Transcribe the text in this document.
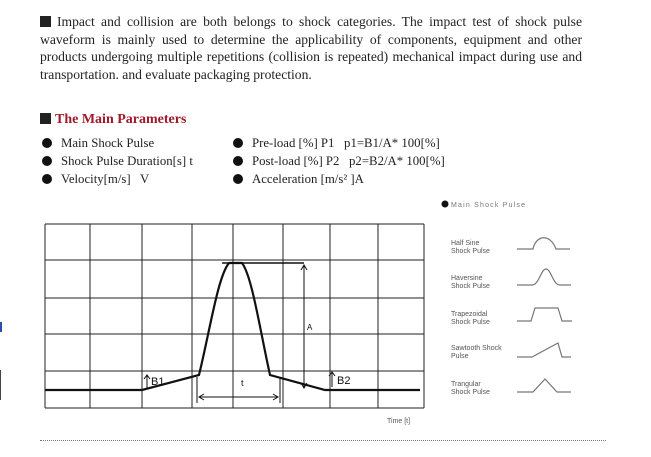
Impact and collision are both belongs to shock categories. The impact test of shock pulse waveform is mainly used to determine the applicability of components, equipment and other products undergoing multiple repetitions (collision is repeated) mechanical impact during use and transportation. and evaluate packaging protection.

The Main Parameters
Main Shock Pulse
Shock Pulse Duration[s] t
Velocity[m/s]   V
Pre-load [%] P1   p1=B1/A* 100[%]
Post-load [%] P2   p2=B2/A* 100[%]
Acceleration [m/s² ]A
B1	B2
t
A
Time [t]
Main Shock Pulse
Half Sine
Shock Pulse
Haversine
Shock Pulse
Trapezoidal
Shock Pulse
Sawtooth Shock
Pulse
Trangular
Shock Pulse
